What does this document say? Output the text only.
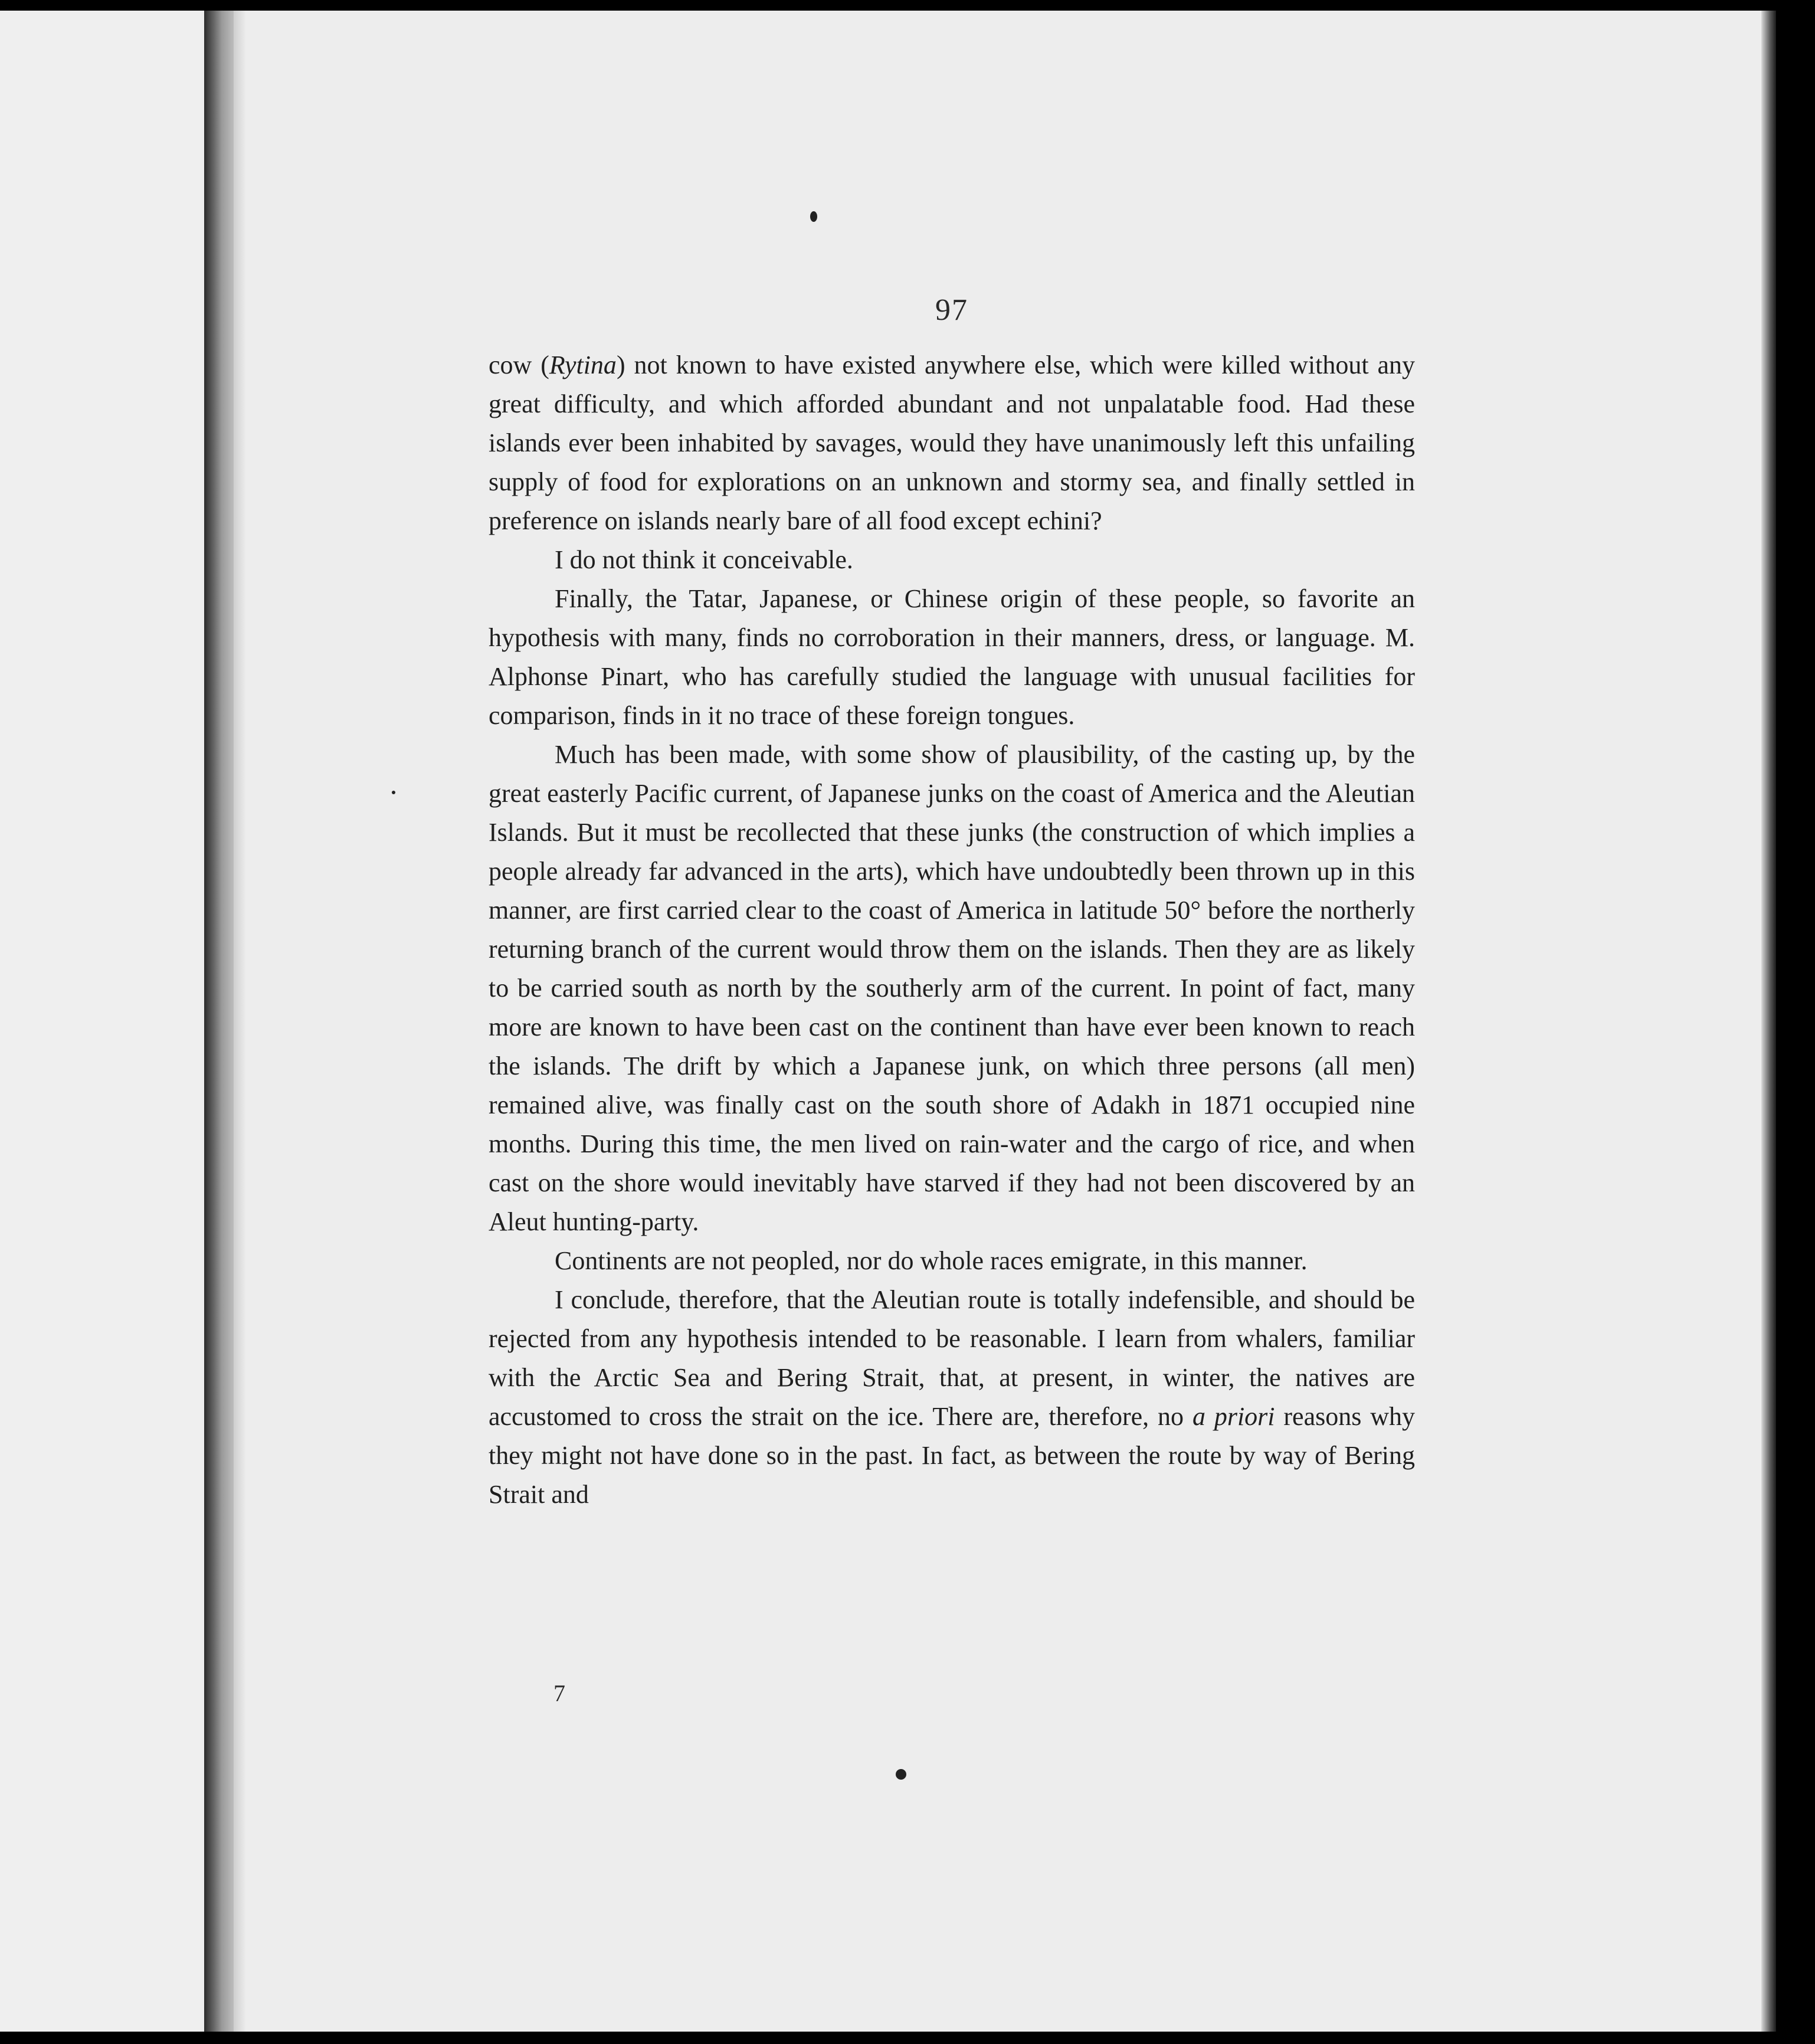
97

cow (Rytina) not known to have existed anywhere else, which were killed without any great difficulty, and which afforded abundant and not unpalatable food. Had these islands ever been inhabited by savages, would they have unanimously left this unfailing supply of food for explorations on an unknown and stormy sea, and finally settled in preference on islands nearly bare of all food except echini?

I do not think it conceivable.

Finally, the Tatar, Japanese, or Chinese origin of these people, so favorite an hypothesis with many, finds no corroboration in their manners, dress, or language. M. Alphonse Pinart, who has carefully studied the language with unusual facilities for comparison, finds in it no trace of these foreign tongues.

Much has been made, with some show of plausibility, of the casting up, by the great easterly Pacific current, of Japanese junks on the coast of America and the Aleutian Islands. But it must be recollected that these junks (the construction of which implies a people already far advanced in the arts), which have undoubtedly been thrown up in this manner, are first carried clear to the coast of America in latitude 50° before the northerly returning branch of the current would throw them on the islands. Then they are as likely to be carried south as north by the southerly arm of the current. In point of fact, many more are known to have been cast on the continent than have ever been known to reach the islands. The drift by which a Japanese junk, on which three persons (all men) remained alive, was finally cast on the south shore of Adakh in 1871 occupied nine months. During this time, the men lived on rain-water and the cargo of rice, and when cast on the shore would inevitably have starved if they had not been discovered by an Aleut hunting-party.

Continents are not peopled, nor do whole races emigrate, in this manner.

I conclude, therefore, that the Aleutian route is totally indefensible, and should be rejected from any hypothesis intended to be reasonable. I learn from whalers, familiar with the Arctic Sea and Bering Strait, that, at present, in winter, the natives are accustomed to cross the strait on the ice. There are, therefore, no a priori reasons why they might not have done so in the past. In fact, as between the route by way of Bering Strait and

7
